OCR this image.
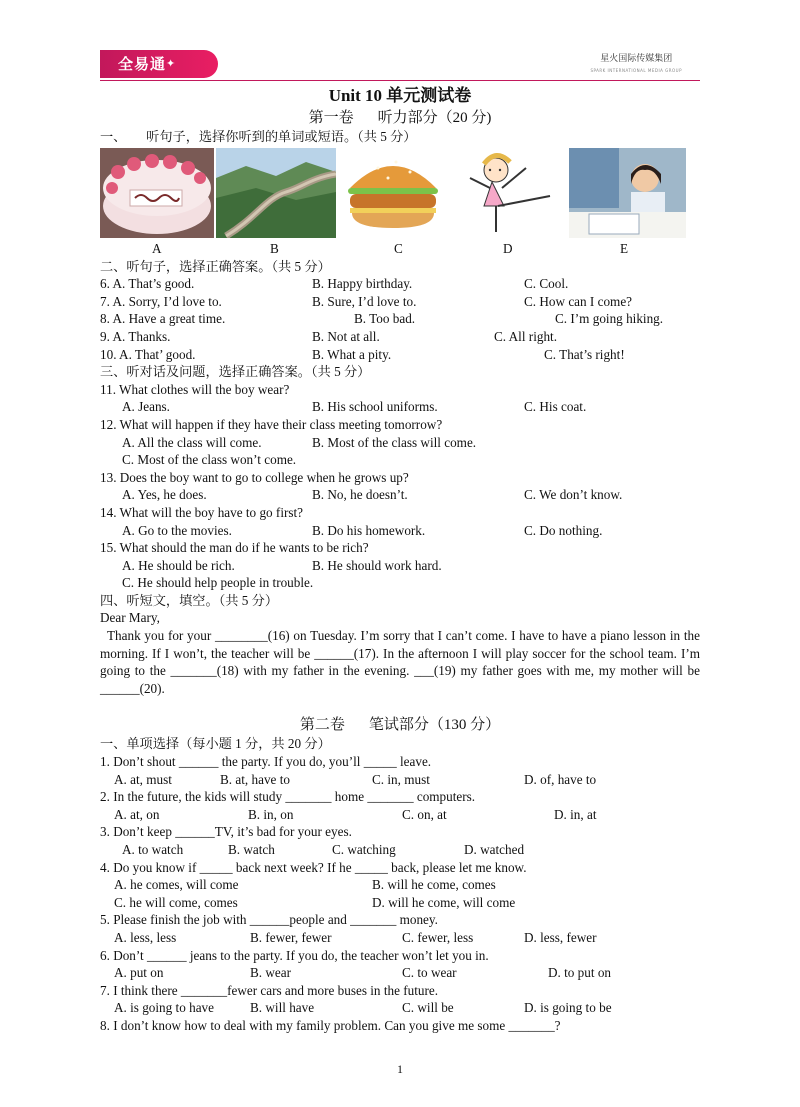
全易通✦	星火国际传媒集团
SPARK INTERNATIONAL MEDIA GROUP
Unit 10 单元测试卷
第一卷 听力部分（20 分)
一、　　听句子，选择你听到的单词或短语。（共 5 分）
A	B	C	D	E
二、听句子，选择正确答案。（共 5 分）
6. A. That’s good.	B. Happy birthday.	C. Cool.
7. A. Sorry, I’d love to.	B. Sure, I’d love to.	C. How can I come?
8. A. Have a great time.	B. Too bad.	C. I’m going hiking.
9. A. Thanks.	B. Not at all.	C. All right.
10. A. That’ good.	B. What a pity.	C. That’s right!
三、听对话及问题，选择正确答案。（共 5 分）
11. What clothes will the boy wear?
A. Jeans.	B. His school uniforms.	C. His coat.
12. What will happen if they have their class meeting tomorrow?
A. All the class will come.	B. Most of the class will come.
C. Most of the class won’t come.
13. Does the boy want to go to college when he grows up?
A. Yes, he does.	B. No, he doesn’t.	C. We don’t know.
14. What will the boy have to go first?
A. Go to the movies.	B. Do his homework.	C. Do nothing.
15. What should the man do if he wants to be rich?
A. He should be rich.	B. He should work hard.
C. He should help people in trouble.
四、听短文，填空。（共 5 分）
Dear Mary,
Thank you for your ________(16) on Tuesday. I’m sorry that I can’t come. I have to have a piano lesson in the morning. If I won’t, the teacher will be ______(17). In the afternoon I will play soccer for the school team. I’m going to the _______(18) with my father in the evening. ___(19) my father goes with me, my mother will be ______(20).
第二卷 笔试部分（130 分）
一、单项选择（每小题 1 分，共 20 分）
1. Don’t shout ______ the party. If you do, you’ll _____ leave.
A. at, must	B. at, have to	C. in, must	D. of, have to
2. In the future, the kids will study _______ home _______ computers.
A. at, on	B. in, on	C. on, at	D. in, at
3. Don’t keep ______TV, it’s bad for your eyes.
A. to watch	B. watch	C. watching	D. watched
4. Do you know if _____ back next week? If he _____ back, please let me know.
A. he comes, will come	B. will he come, comes
C. he will come, comes	D. will he come, will come
5. Please finish the job with ______people and _______ money.
A. less, less	B. fewer, fewer	C. fewer, less	D. less, fewer
6. Don’t ______ jeans to the party. If you do, the teacher won’t let you in.
A. put on	B. wear	C. to wear	D. to put on
7. I think there _______fewer cars and more buses in the future.
A. is going to have	B. will have	C. will be	D. is going to be
8. I don’t know how to deal with my family problem. Can you give me some _______?
1
